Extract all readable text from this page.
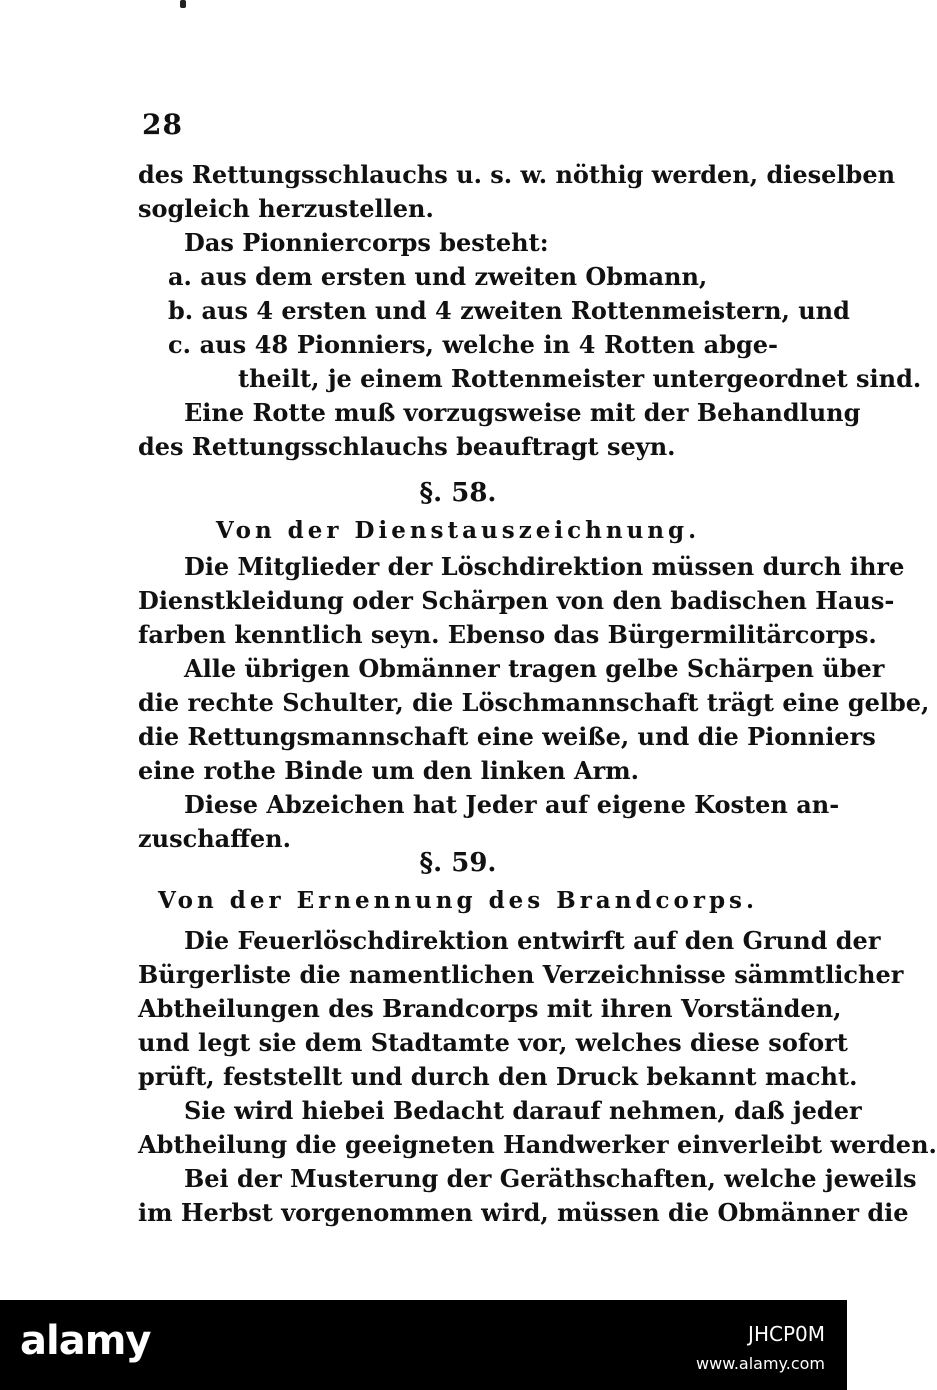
28
des Rettungsschlauchs u. s. w. nöthig werden, dieselben
sogleich herzustellen.
Das Pionniercorps besteht:
a. aus dem ersten und zweiten Obmann,
b. aus 4 ersten und 4 zweiten Rottenmeistern, und
c. aus 48 Pionniers, welche in 4 Rotten abge-
theilt, je einem Rottenmeister untergeordnet sind.
Eine Rotte muß vorzugsweise mit der Behandlung
des Rettungsschlauchs beauftragt seyn.
§. 58.
Von der Dienstauszeichnung.
Die Mitglieder der Löschdirektion müssen durch ihre
Dienstkleidung oder Schärpen von den badischen Haus-
farben kenntlich seyn. Ebenso das Bürgermilitärcorps.
Alle übrigen Obmänner tragen gelbe Schärpen über
die rechte Schulter, die Löschmannschaft trägt eine gelbe,
die Rettungsmannschaft eine weiße, und die Pionniers
eine rothe Binde um den linken Arm.
Diese Abzeichen hat Jeder auf eigene Kosten an-
zuschaffen.
§. 59.
Von der Ernennung des Brandcorps.
Die Feuerlöschdirektion entwirft auf den Grund der
Bürgerliste die namentlichen Verzeichnisse sämmtlicher
Abtheilungen des Brandcorps mit ihren Vorständen,
und legt sie dem Stadtamte vor, welches diese sofort
prüft, feststellt und durch den Druck bekannt macht.
Sie wird hiebei Bedacht darauf nehmen, daß jeder
Abtheilung die geeigneten Handwerker einverleibt werden.
Bei der Musterung der Geräthschaften, welche jeweils
im Herbst vorgenommen wird, müssen die Obmänner die
alamy	JHCP0M
www.alamy.com
